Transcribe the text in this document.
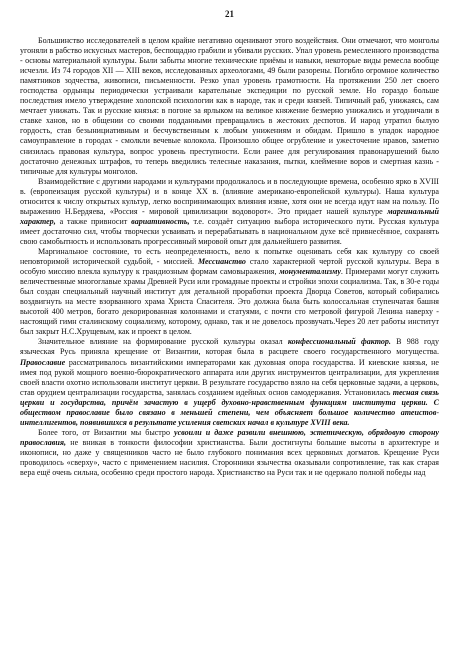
21

Большинство исследователей в целом крайне негативно оценивают этого воздействия. Они отмечают, что монголы угоняли в рабство искусных мастеров, беспощадно грабили и убивали русских. Упал уровень ремесленного производства - основы материальной культуры. Были забыты многие технические приёмы и навыки, некоторые виды ремесла вообще исчезли. Из 74 городов XII — XIII веков, исследованных археологами, 49 были разорены. Погибло огромное количество памятников зодчества, живописи, письменности. Резко упал уровень грамотности. На протяжении 250 лет своего господства ордынцы периодически устраивали карательные экспедиции по русской земле. Но гораздо больше последствия имело утверждение холопской психологии как в народе, так и среди князей. Типичный раб, унижаясь, сам мечтает унижать. Так и русские князья: в погоне за ярлыком на великое княжение безмерно унижались и угодничали в ставке ханов, но в общении со своими подданными превращались в жестоких деспотов. И народ утратил былую гордость, став безынициативным и бесчувственным к любым унижениям и обидам. Пришло в упадок народное самоуправление в городах - смолкли вечевые колокола. Произошло общее огрубление и ужесточение нравов, заметно снизилась правовая культура, вопрос уровень преступности. Если ранее для регулирования правонарушений было достаточно денежных штрафов, то теперь введились телесные наказания, пытки, клеймение воров и смертная казнь - типичные для культуры монголов.

Взаимодействие с другими народами и культурами продолжалось и в последующие времена, особенно ярко в XVIII в. (европеизация русской культуры) и в конце XX в. (влияние американо-европейской культуры). Наша культура относится к числу открытых культур, легко воспринимающих влияния извне, хотя они не всегда идут нам на пользу. По выражению Н.Бердяева, «Россия - мировой цивилизации водоворот». Это придает нашей культуре маргинальный характер, а также привносит вариативность, т.е. создаёт ситуацию выбора исторического пути. Русская культура имеет достаточно сил, чтобы творчески усваивать и перерабатывать в национальном духе всё привнесённое, сохранять свою самобытность и использовать прогрессивный мировой опыт для дальнейшего развития.

Маргинальное состояние, то есть неопределенность, вело к попытке оценивать себя как культуру со своей неповторимой исторической судьбой, - миссией. Мессианство стало характерной чертой русской культуры. Вера в особую миссию влекла культуру к грандиозным формам самовыражения, монументализму. Примерами могут служить величественные многоглавые храмы Древней Руси или громадные проекты и стройки эпохи социализма. Так, в 30-е годы был создан специальный научный институт для детальной проработки проекта Дворца Советов, который собирались воздвигнуть на месте взорванного храма Христа Спасителя. Это должна была быть колоссальная ступенчатая башня высотой 400 метров, богато декорированная колоннами и статуями, с почти сто метровой фигурой Ленина наверху - настоящий гимн сталинскому социализму, которому, однако, так и не довелось прозвучать.Через 20 лет работы институт был закрыт Н.С.Хрущевым, как и проект в целом.

Значительное влияние на формирование русской культуры оказал конфессиональный фактор. В 988 году языческая Русь приняла крещение от Византии, которая была в расцвете своего государственного могущества. Православие рассматривалось византийскими императорами как духовная опора государства. И киевские князья, не имея под рукой мощного военно-бюрократического аппарата или других инструментов централизации, для укрепления своей власти охотно использовали институт церкви. В результате государство взяло на себя церковные задачи, а церковь, став орудием централизации государства, занялась созданием идейных основ самодержавия. Установилась тесная связь церкви и государства, причём зачастую в ущерб духовно-нравственным функциям института церкви. С обществом православие было связано в меньшей степени, чем объясняет большое количество атеистов-интеллигентов, появившихся в результате усиления светских начал в культуре XVIII века.

Более того, от Византии мы быстро усвоили и даже развили внешнюю, эстетическую, обрядовую сторону православия, не вникая в тонкости философии христианства. Были достигнуты большие высоты в архитектуре и иконописи, но даже у священников часто не было глубокого понимания всех церковных догматов. Крещение Руси проводилось «сверху», часто с применением насилия. Сторонники язычества оказывали сопротивление, так как старая вера ещё очень сильна, особенно среди простого народа. Христианство на Руси так и не одержало полной победы над
